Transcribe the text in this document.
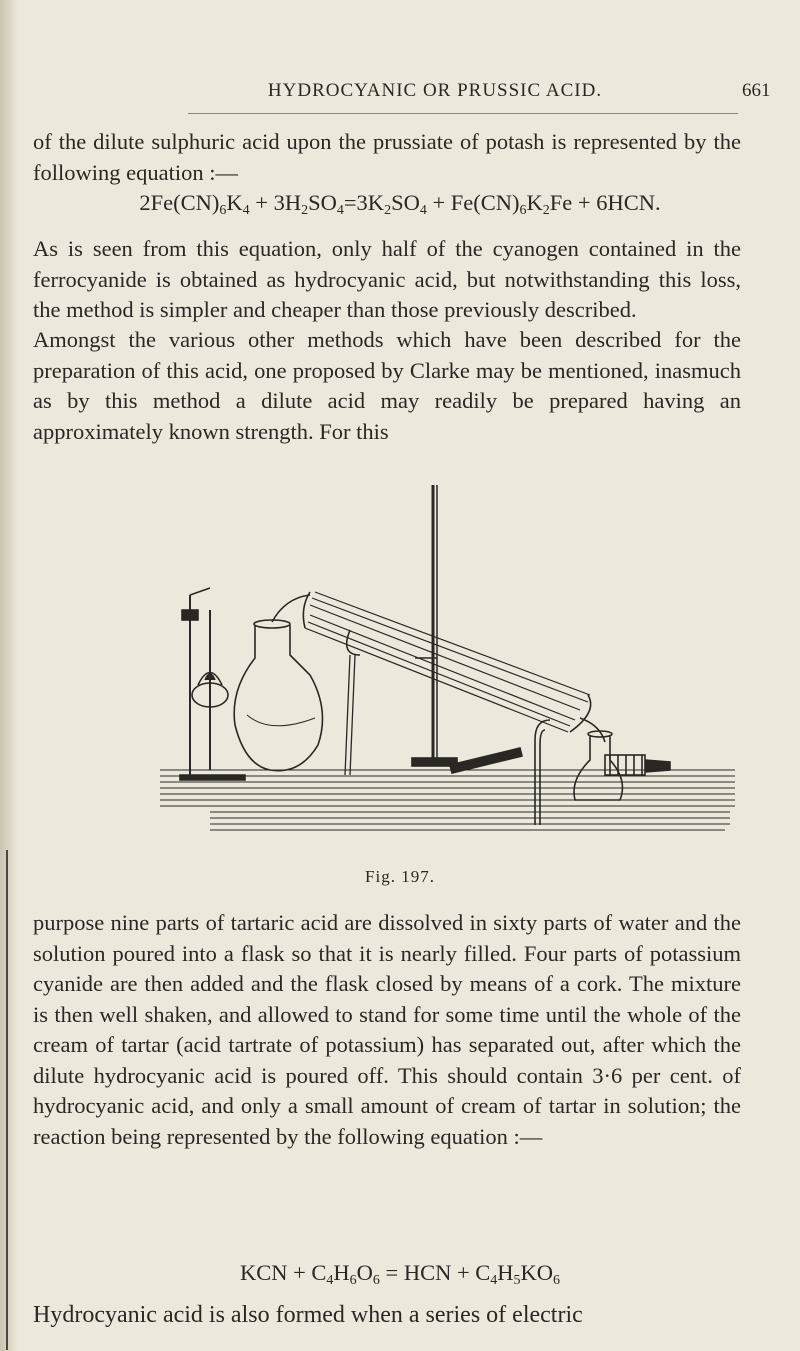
HYDROCYANIC OR PRUSSIC ACID.	661
of the dilute sulphuric acid upon the prussiate of potash is represented by the following equation :—
$2Fe(CN)_6K_4 + 3H_2SO_4=3K_2SO_4 + Fe(CN)_6K_2Fe + 6HCN$.
As is seen from this equation, only half of the cyanogen contained in the ferrocyanide is obtained as hydrocyanic acid, but notwithstanding this loss, the method is simpler and cheaper than those previously described.
Amongst the various other methods which have been described for the preparation of this acid, one proposed by Clarke may be mentioned, inasmuch as by this method a dilute acid may readily be prepared having an approximately known strength. For this
Fig. 197.
purpose nine parts of tartaric acid are dissolved in sixty parts of water and the solution poured into a flask so that it is nearly filled. Four parts of potassium cyanide are then added and the flask closed by means of a cork. The mixture is then well shaken, and allowed to stand for some time until the whole of the cream of tartar (acid tartrate of potassium) has separated out, after which the dilute hydrocyanic acid is poured off. This should contain 3·6 per cent. of hydrocyanic acid, and only a small amount of cream of tartar in solution; the reaction being represented by the following equation :—
KCN + $C_4H_6O_6$ = HCN + $C_4H_5KO_6$
Hydrocyanic acid is also formed when a series of electric
